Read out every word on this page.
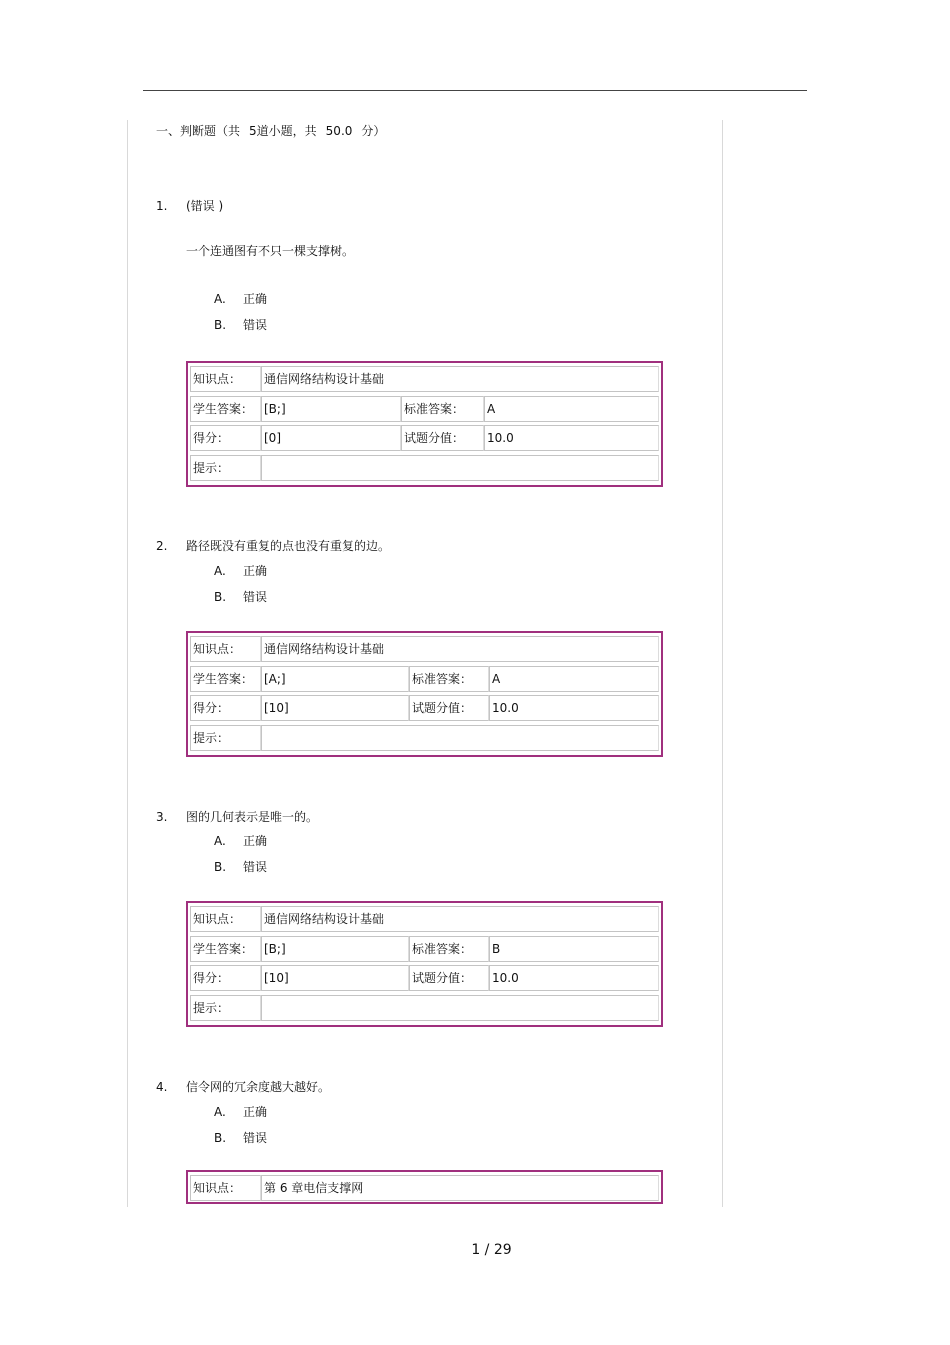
一、判断题（共 5道小题，共 50.0 分）
1. (错误 )
一个连通图有不只一棵支撑树。
A. 正确
B. 错误
知识点：	通信网络结构设计基础
学生答案： [B;]	标准答案：	A
得分：	[0]	试题分值：	10.0
提示：
2. 路径既没有重复的点也没有重复的边。
A. 正确
B. 错误
知识点：	通信网络结构设计基础
学生答案： [A;]	标准答案：	A
得分：	[10]	试题分值：	10.0
提示：
3. 图的几何表示是唯一的。
A. 正确
B. 错误
知识点：	通信网络结构设计基础
学生答案： [B;]	标准答案：	B
得分：	[10]	试题分值：	10.0
提示：
4. 信令网的冗余度越大越好。
A. 正确
B. 错误
知识点：	第 6 章电信支撑网
1 / 29
